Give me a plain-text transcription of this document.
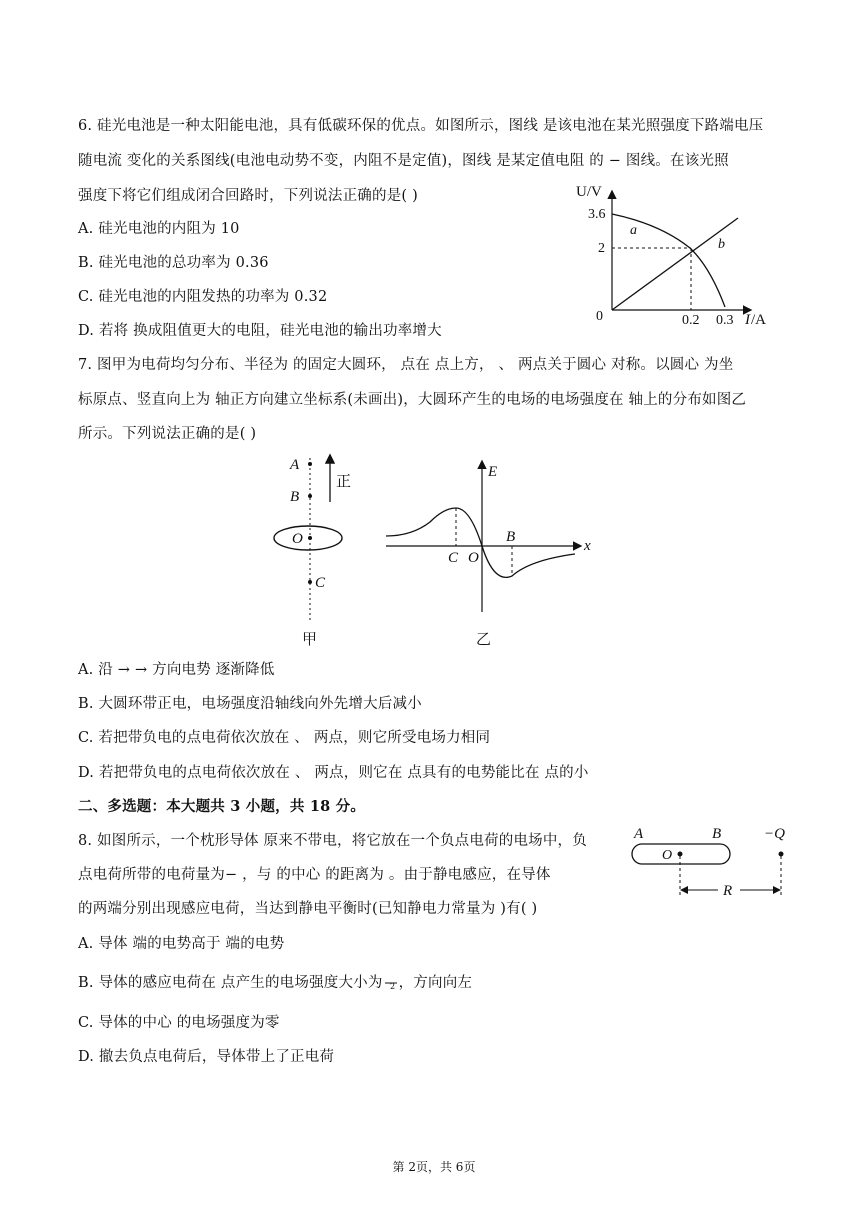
6. 硅光电池是一种太阳能电池，具有低碳环保的优点。如图所示，图线 是该电池在某光照强度下路端电压
随电流 变化的关系图线(电池电动势不变，内阻不是定值)，图线 是某定值电阻 的 − 图线。在该光照
强度下将它们组成闭合回路时，下列说法正确的是( )
A. 硅光电池的内阻为 10
B. 硅光电池的总功率为 0.36
C. 硅光电池的内阻发热的功率为 0.32
D. 若将 换成阻值更大的电阻，硅光电池的输出功率增大
U/V
3.6
2
0	0.2 0.3 I /A
a
b
7. 图甲为电荷均匀分布、半径为 的固定大圆环， 点在 点上方， 、 两点关于圆心 对称。以圆心 为坐
标原点、竖直向上为 轴正方向建立坐标系(未画出)，大圆环产生的电场的电场强度在 轴上的分布如图乙
所示。下列说法正确的是( )
A
B
O
C
正
甲
E
x
C O
B
乙
A. 沿 → → 方向电势 逐渐降低
B. 大圆环带正电，电场强度沿轴线向外先增大后减小
C. 若把带负电的点电荷依次放在 、 两点，则它所受电场力相同
D. 若把带负电的点电荷依次放在 、 两点，则它在 点具有的电势能比在 点的小
二、多选题：本大题共 3 小题，共 18 分。
8. 如图所示，一个枕形导体 原来不带电，将它放在一个负点电荷的电场中，负
点电荷所带的电荷量为− ，与 的中心 的距离为 。由于静电感应，在导体
的两端分别出现感应电荷，当达到静电平衡时(已知静电力常量为 )有( )
A	B	−Q
O
R
A. 导体 端的电势高于 端的电势
B. 导体的感应电荷在 点产生的电场强度大小为 2 ，方向向左
C. 导体的中心 的电场强度为零
D. 撤去负点电荷后，导体带上了正电荷
第 2页，共 6页
